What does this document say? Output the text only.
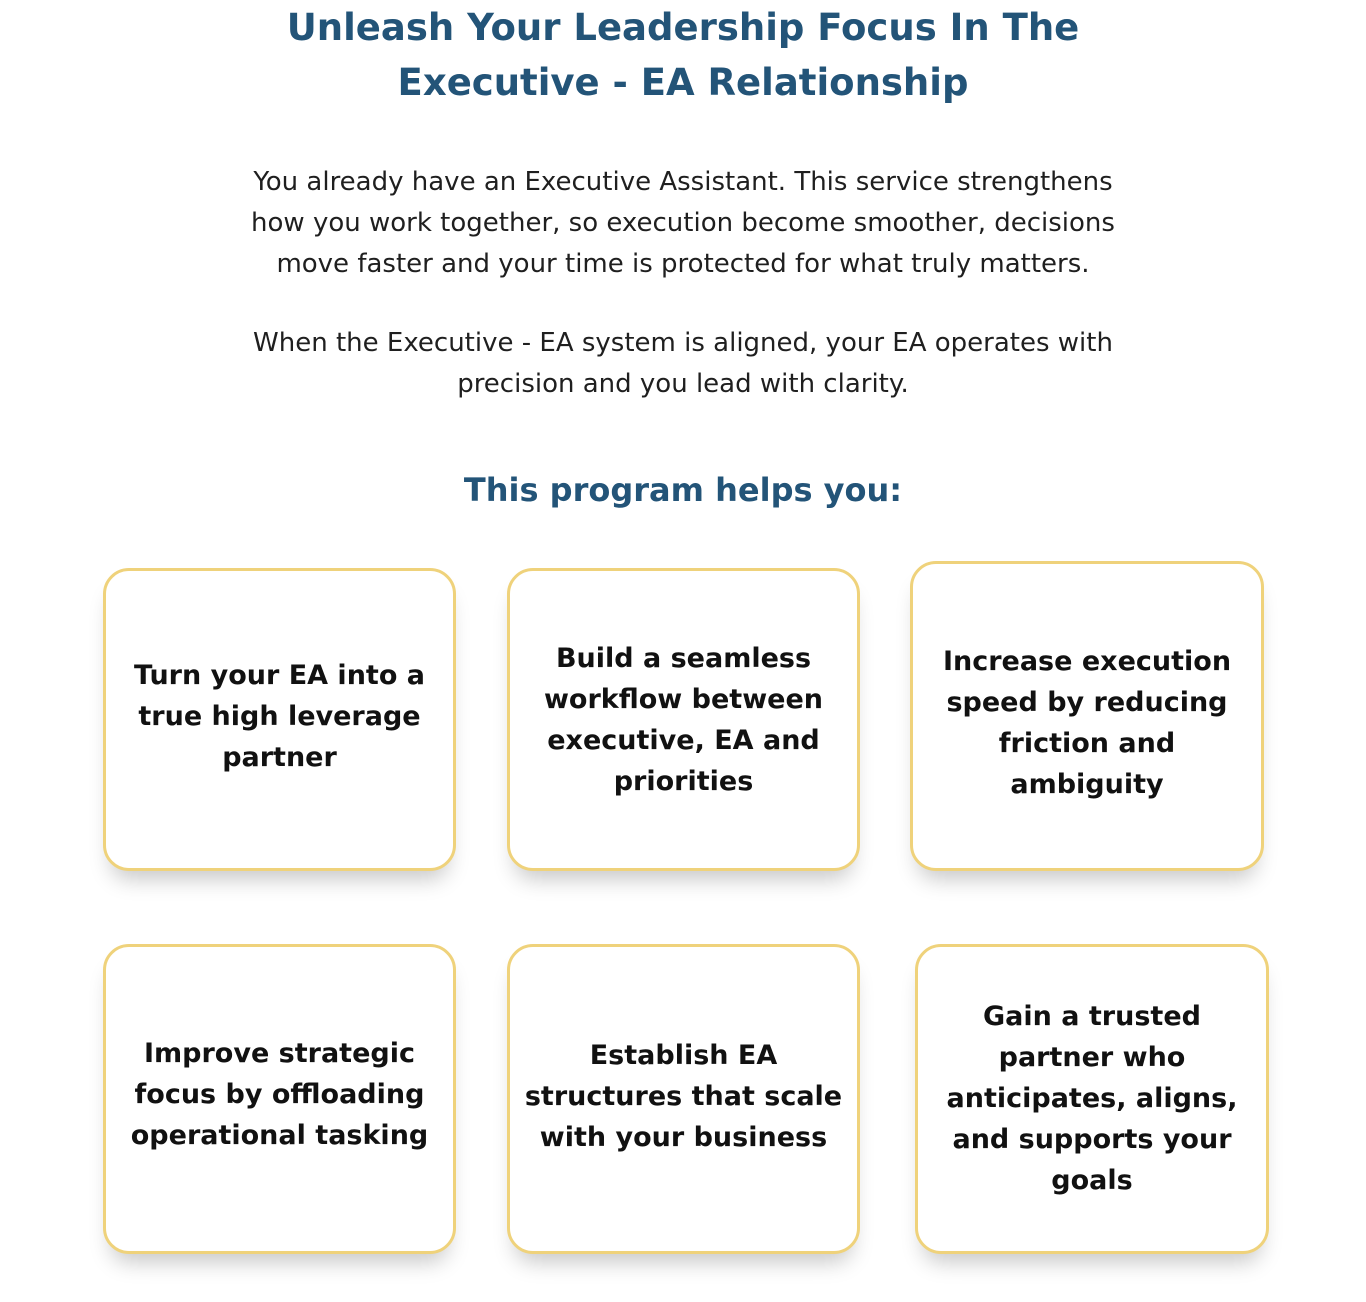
Unleash Your Leadership Focus In The
Executive - EA Relationship

You already have an Executive Assistant. This service strengthens
how you work together, so execution become smoother, decisions
move faster and your time is protected for what truly matters.

When the Executive - EA system is aligned, your EA operates with
precision and you lead with clarity.

This program helps you:
Turn your EA into a
true high leverage
partner
Build a seamless
workflow between
executive, EA and
priorities
Increase execution
speed by reducing
friction and
ambiguity
Improve strategic
focus by offloading
operational tasking
Establish EA
structures that scale
with your business
Gain a trusted
partner who
anticipates, aligns,
and supports your
goals
